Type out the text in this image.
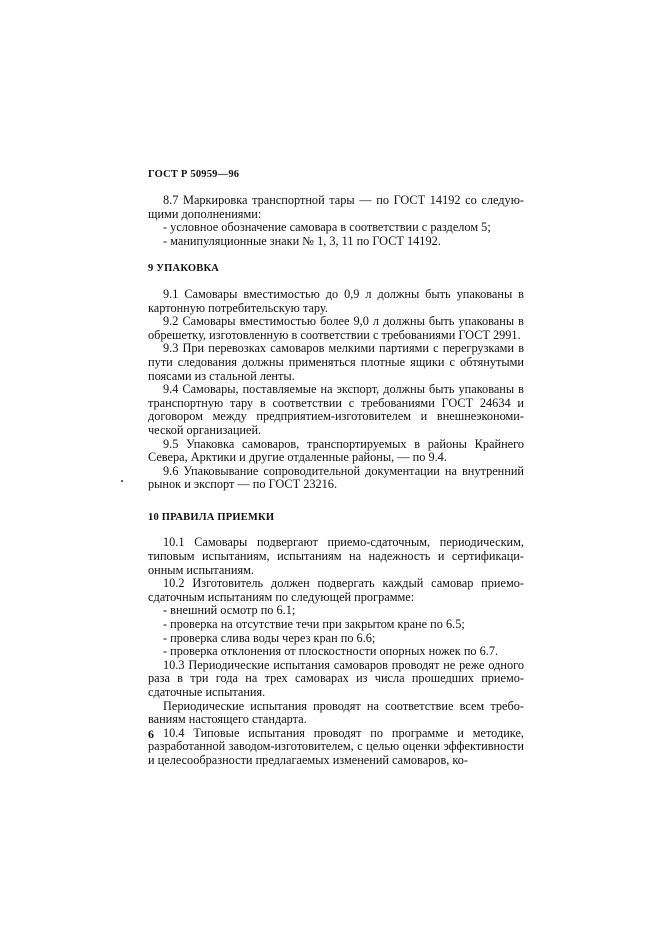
ГОСТ Р 50959—96

8.7 Маркировка транспортной тары — по ГОСТ 14192 со следующими дополнениями:

- условное обозначение самовара в соответствии с разделом 5;

- манипуляционные знаки № 1, 3, 11 по ГОСТ 14192.

9 УПАКОВКА

9.1 Самовары вместимостью до 0,9 л должны быть упакованы в картонную потребительскую тару.

9.2 Самовары вместимостью более 9,0 л должны быть упакованы в обрешетку, изготовленную в соответствии с требованиями ГОСТ 2991.

9.3 При перевозках самоваров мелкими партиями с перегрузками в пути следования должны применяться плотные ящики с обтянутыми поясами из стальной ленты.

9.4 Самовары, поставляемые на экспорт, должны быть упакованы в транспортную тару в соответствии с требованиями ГОСТ 24634 и договором между предприятием-изготовителем и внешнеэкономической организацией.

9.5 Упаковка самоваров, транспортируемых в районы Крайнего Севера, Арктики и другие отдаленные районы, — по 9.4.

9.6 Упаковывание сопроводительной документации на внутренний рынок и экспорт — по ГОСТ 23216.

10 ПРАВИЛА ПРИЕМКИ

10.1 Самовары подвергают приемо-сдаточным, периодическим, типовым испытаниям, испытаниям на надежность и сертификационным испытаниям.

10.2 Изготовитель должен подвергать каждый самовар приемосдаточным испытаниям по следующей программе:

- внешний осмотр по 6.1;

- проверка на отсутствие течи при закрытом кране по 6.5;

- проверка слива воды через кран по 6.6;

- проверка отклонения от плоскостности опорных ножек по 6.7.

10.3 Периодические испытания самоваров проводят не реже одного раза в три года на трех самоварах из числа прошедших приемо-сдаточные испытания.

Периодические испытания проводят на соответствие всем требованиям настоящего стандарта.

10.4 Типовые испытания проводят по программе и методике, разработанной заводом-изготовителем, с целью оценки эффективности и целесообразности предлагаемых изменений самоваров, ко-

6
